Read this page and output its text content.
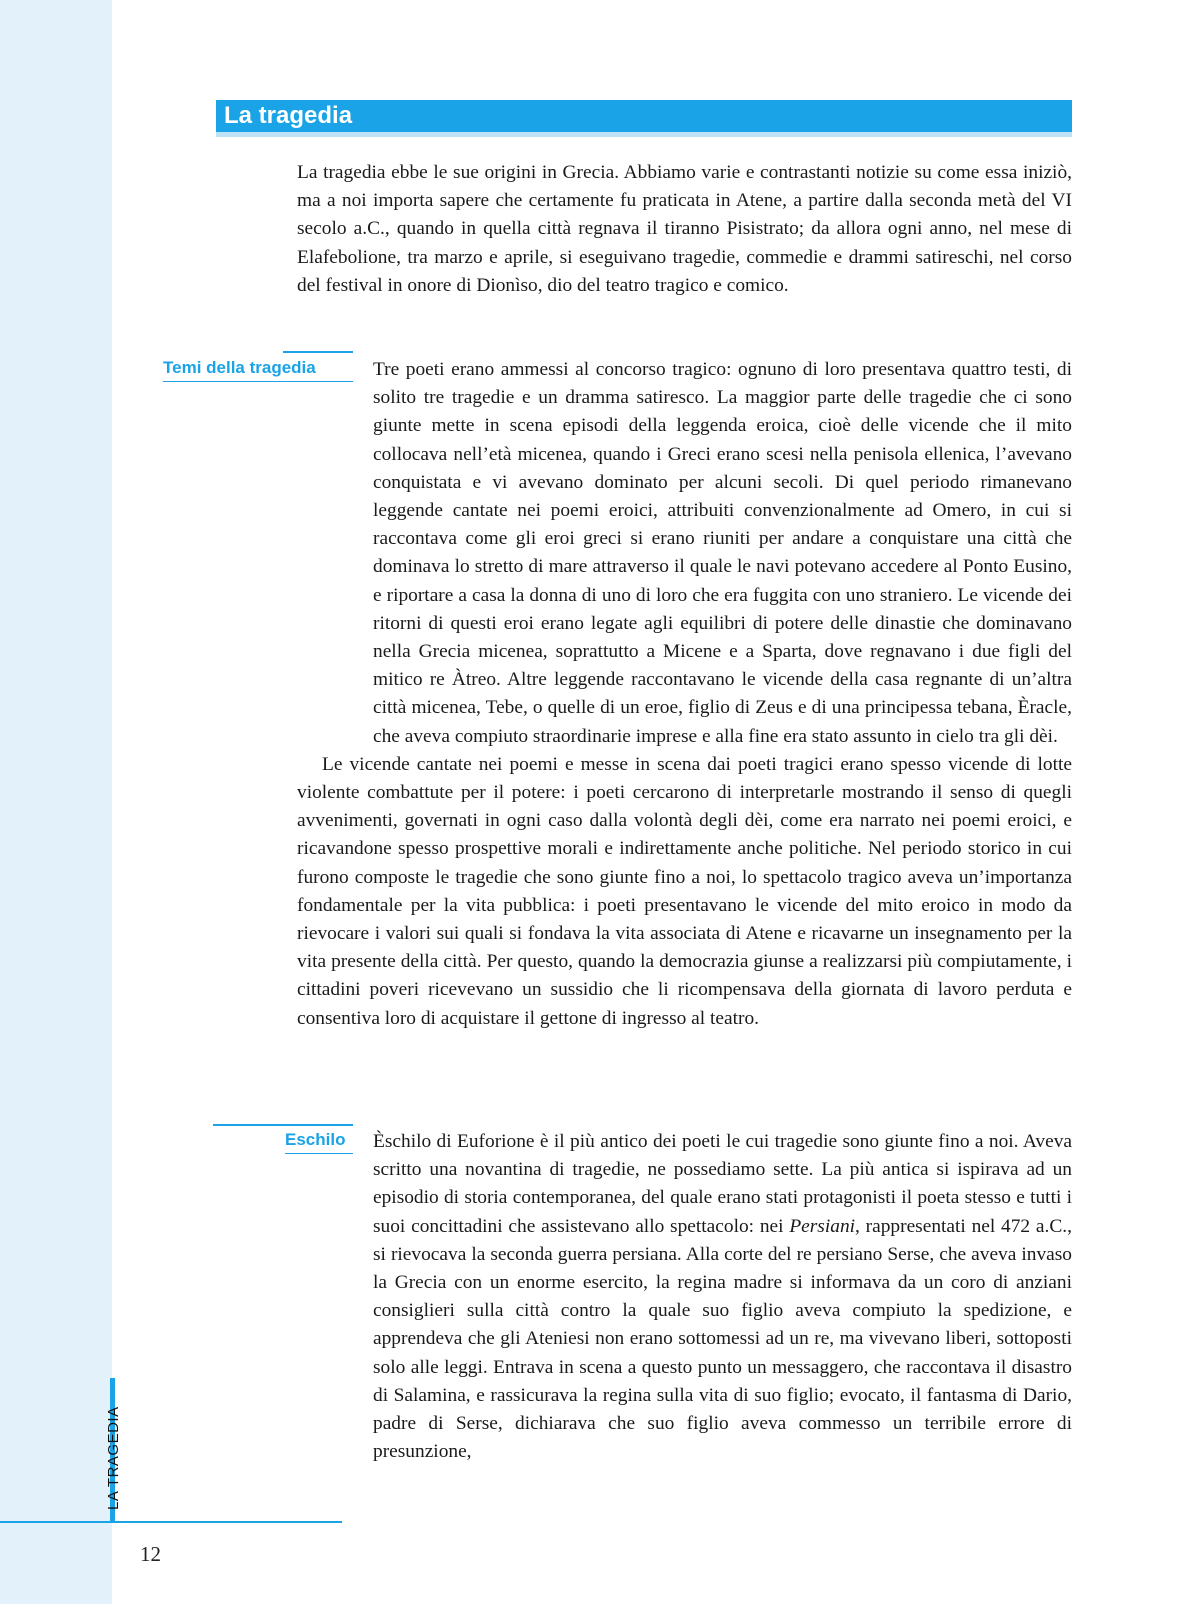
LA TRAGEDIA
12
La tragedia

La tragedia ebbe le sue origini in Grecia. Abbiamo varie e contrastanti notizie su come essa iniziò, ma a noi importa sapere che certamente fu praticata in Atene, a partire dalla seconda metà del VI secolo a.C., quando in quella città regnava il tiranno Pisistrato; da allora ogni anno, nel mese di Elafebolione, tra marzo e aprile, si eseguivano tragedie, commedie e drammi satireschi, nel corso del festival in onore di Dionìso, dio del teatro tragico e comico.

Temi della tragedia	Tre poeti erano ammessi al concorso tragico: ognuno di loro presentava quattro testi, di solito tre tragedie e un dramma satiresco. La maggior parte delle tragedie che ci sono giunte mette in scena episodi della leggenda eroica, cioè delle vicende che il mito collocava nell’età micenea, quando i Greci erano scesi nella penisola ellenica, l’avevano conquistata e vi avevano dominato per alcuni secoli. Di quel periodo rimanevano leggende cantate nei poemi eroici, attribuiti convenzionalmente ad Omero, in cui si raccontava come gli eroi greci si erano riuniti per andare a conquistare una città che dominava lo stretto di mare attraverso il quale le navi potevano accedere al Ponto Eusino, e riportare a casa la donna di uno di loro che era fuggita con uno straniero. Le vicende dei ritorni di questi eroi erano legate agli equilibri di potere delle dinastie che dominavano nella Grecia micenea, soprattutto a Micene e a Sparta, dove regnavano i due figli del mitico re Àtreo. Altre leggende raccontavano le vicende della casa regnante di un’altra città micenea, Tebe, o quelle di un eroe, figlio di Zeus e di una principessa tebana, Èracle, che aveva compiuto straordinarie imprese e alla fine era stato assunto in cielo tra gli dèi.

Le vicende cantate nei poemi e messe in scena dai poeti tragici erano spesso vicende di lotte violente combattute per il potere: i poeti cercarono di interpretarle mostrando il senso di quegli avvenimenti, governati in ogni caso dalla volontà degli dèi, come era narrato nei poemi eroici, e ricavandone spesso prospettive morali e indirettamente anche politiche. Nel periodo storico in cui furono composte le tragedie che sono giunte fino a noi, lo spettacolo tragico aveva un’importanza fondamentale per la vita pubblica: i poeti presentavano le vicende del mito eroico in modo da rievocare i valori sui quali si fondava la vita associata di Atene e ricavarne un insegnamento per la vita presente della città. Per questo, quando la democrazia giunse a realizzarsi più compiutamente, i cittadini poveri ricevevano un sussidio che li ricompensava della giornata di lavoro perduta e consentiva loro di acquistare il gettone di ingresso al teatro.

Eschilo	Èschilo di Euforione è il più antico dei poeti le cui tragedie sono giunte fino a noi. Aveva scritto una novantina di tragedie, ne possediamo sette. La più antica si ispirava ad un episodio di storia contemporanea, del quale erano stati protagonisti il poeta stesso e tutti i suoi concittadini che assistevano allo spettacolo: nei Persiani, rappresentati nel 472 a.C., si rievocava la seconda guerra persiana. Alla corte del re persiano Serse, che aveva invaso la Grecia con un enorme esercito, la regina madre si informava da un coro di anziani consiglieri sulla città contro la quale suo figlio aveva compiuto la spedizione, e apprendeva che gli Ateniesi non erano sottomessi ad un re, ma vivevano liberi, sottoposti solo alle leggi. Entrava in scena a questo punto un messaggero, che raccontava il disastro di Salamina, e rassicurava la regina sulla vita di suo figlio; evocato, il fantasma di Dario, padre di Serse, dichiarava che suo figlio aveva commesso un terribile errore di presunzione,
